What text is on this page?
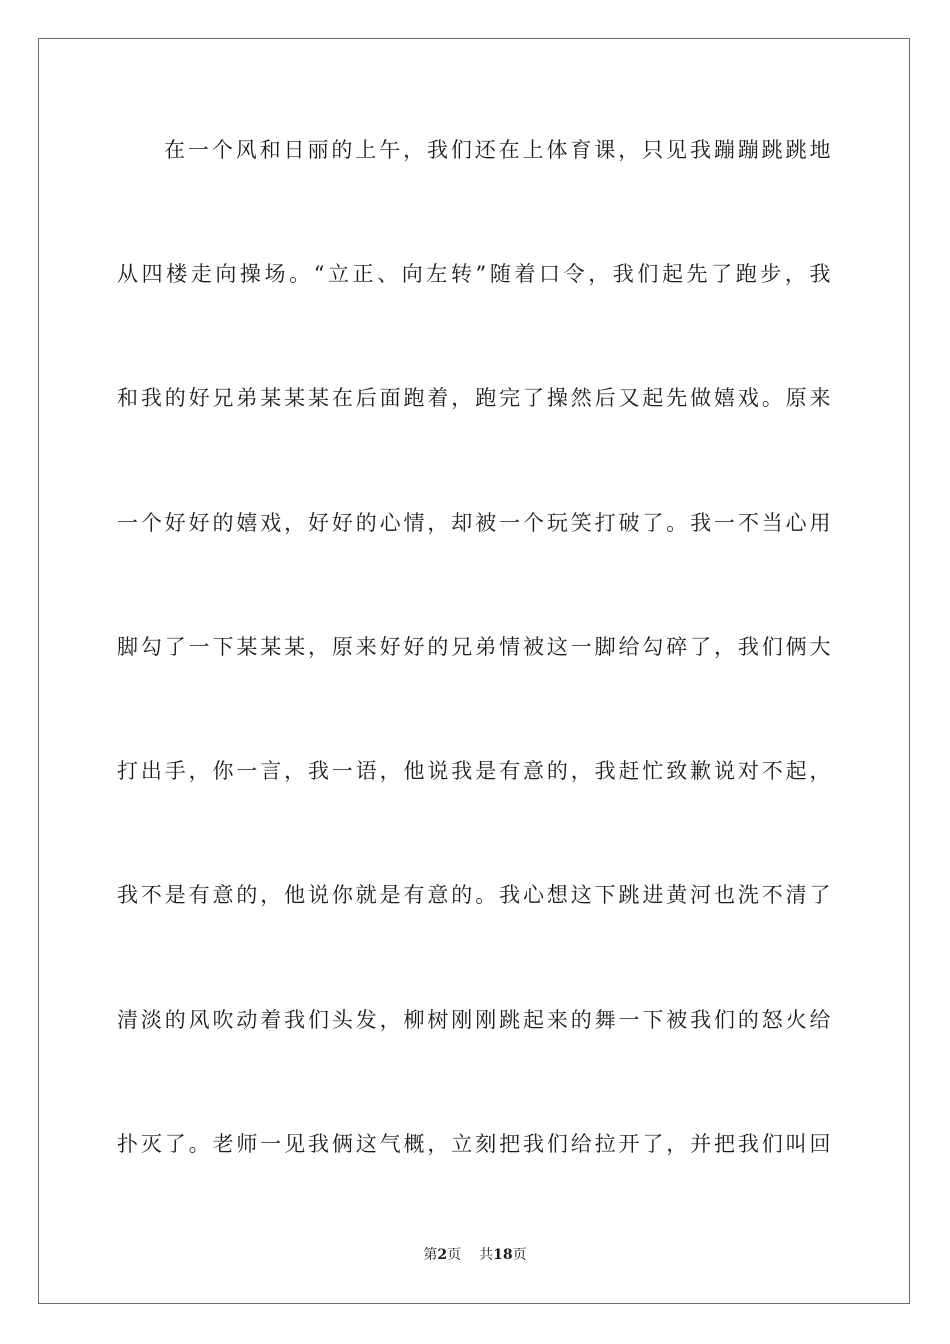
在一个风和日丽的上午，我们还在上体育课，只见我蹦蹦跳跳地
从四楼走向操场。“立正、向左转”随着口令，我们起先了跑步，我
和我的好兄弟某某某在后面跑着，跑完了操然后又起先做嬉戏。原来
一个好好的嬉戏，好好的心情，却被一个玩笑打破了。我一不当心用
脚勾了一下某某某，原来好好的兄弟情被这一脚给勾碎了，我们俩大
打出手，你一言，我一语，他说我是有意的，我赶忙致歉说对不起，
我不是有意的，他说你就是有意的。我心想这下跳进黄河也洗不清了
清淡的风吹动着我们头发，柳树刚刚跳起来的舞一下被我们的怒火给
扑灭了。老师一见我俩这气概，立刻把我们给拉开了，并把我们叫回
第2页 共18页
